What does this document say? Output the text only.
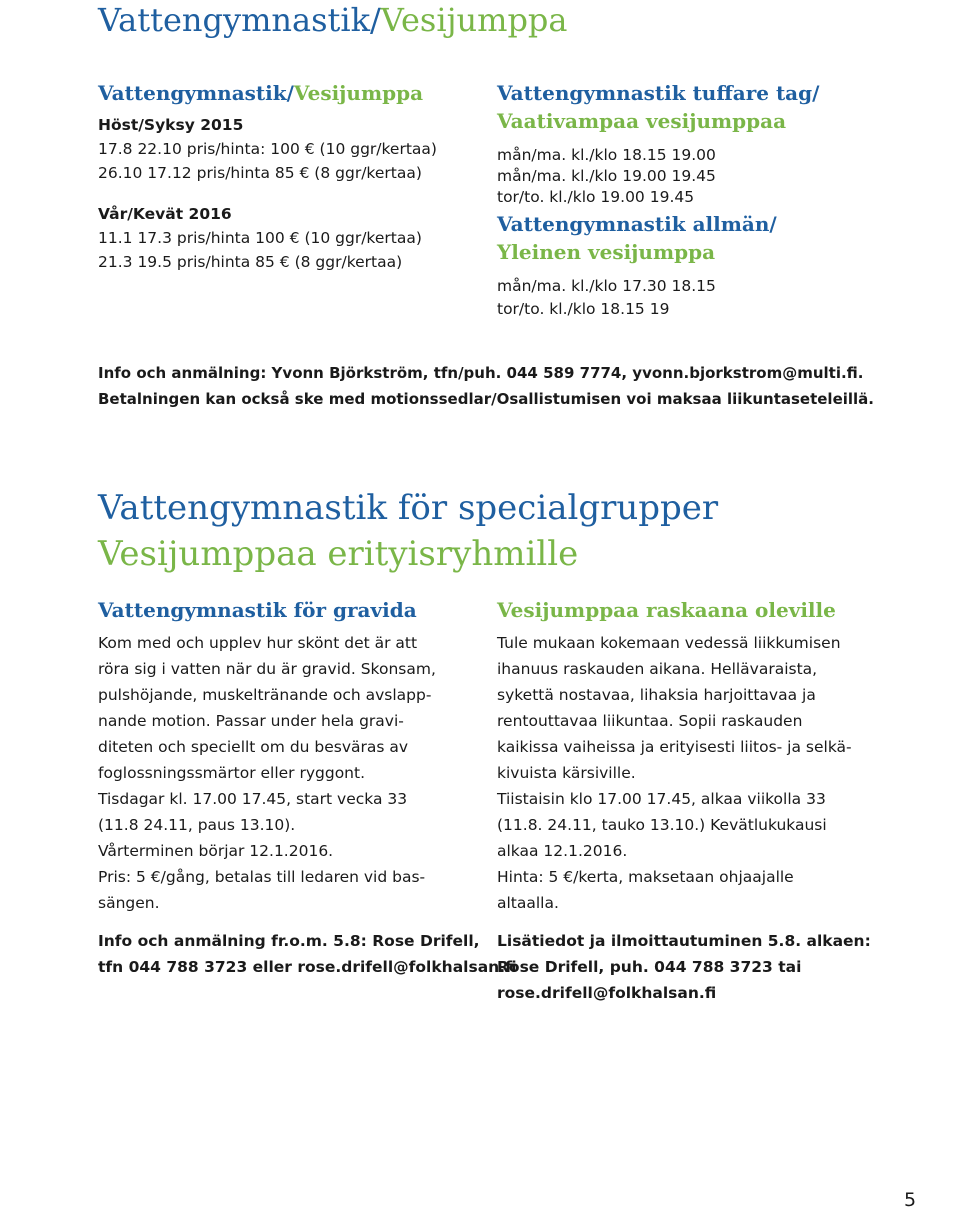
Vattengymnastik/Vesijumppa
Vattengymnastik/Vesijumppa
Höst/Syksy 2015
17.8 22.10 pris/hinta: 100 € (10 ggr/kertaa)
26.10 17.12 pris/hinta 85 € (8 ggr/kertaa)
Vår/Kevät 2016
11.1 17.3 pris/hinta 100 € (10 ggr/kertaa)
21.3 19.5 pris/hinta 85 € (8 ggr/kertaa)
Vattengymnastik tuffare tag/
Vaativampaa vesijumppaa
mån/ma. kl./klo 18.15 19.00
mån/ma. kl./klo 19.00 19.45
tor/to. kl./klo 19.00 19.45
Vattengymnastik allmän/
Yleinen vesijumppa
mån/ma. kl./klo 17.30 18.15
tor/to. kl./klo 18.15 19
Info och anmälning: Yvonn Björkström, tfn/puh. 044 589 7774, yvonn.bjorkstrom@multi.fi.
Betalningen kan också ske med motionssedlar/Osallistumisen voi maksaa liikuntaseteleillä.
Vattengymnastik för specialgrupper
Vesijumppaa erityisryhmille
Vattengymnastik för gravida
Kom med och upplev hur skönt det är att
röra sig i vatten när du är gravid. Skonsam,
pulshöjande, muskeltränande och avslapp-
nande motion. Passar under hela gravi-
diteten och speciellt om du besväras av
foglossningssmärtor eller ryggont.
Tisdagar kl. 17.00 17.45, start vecka 33
(11.8 24.11, paus 13.10).
Vårterminen börjar 12.1.2016.
Pris: 5 €/gång, betalas till ledaren vid bas-
sängen.
Info och anmälning fr.o.m. 5.8: Rose Drifell,
tfn 044 788 3723 eller rose.drifell@folkhalsan.fi
Vesijumppaa raskaana oleville
Tule mukaan kokemaan vedessä liikkumisen
ihanuus raskauden aikana. Hellävaraista,
sykettä nostavaa, lihaksia harjoittavaa ja
rentouttavaa liikuntaa. Sopii raskauden
kaikissa vaiheissa ja erityisesti liitos- ja selkä-
kivuista kärsiville.
Tiistaisin klo 17.00 17.45, alkaa viikolla 33
(11.8. 24.11, tauko 13.10.) Kevätlukukausi
alkaa 12.1.2016.
Hinta: 5 €/kerta, maksetaan ohjaajalle
altaalla.
Lisätiedot ja ilmoittautuminen 5.8. alkaen:
Rose Drifell, puh. 044 788 3723 tai
rose.drifell@folkhalsan.fi
5
